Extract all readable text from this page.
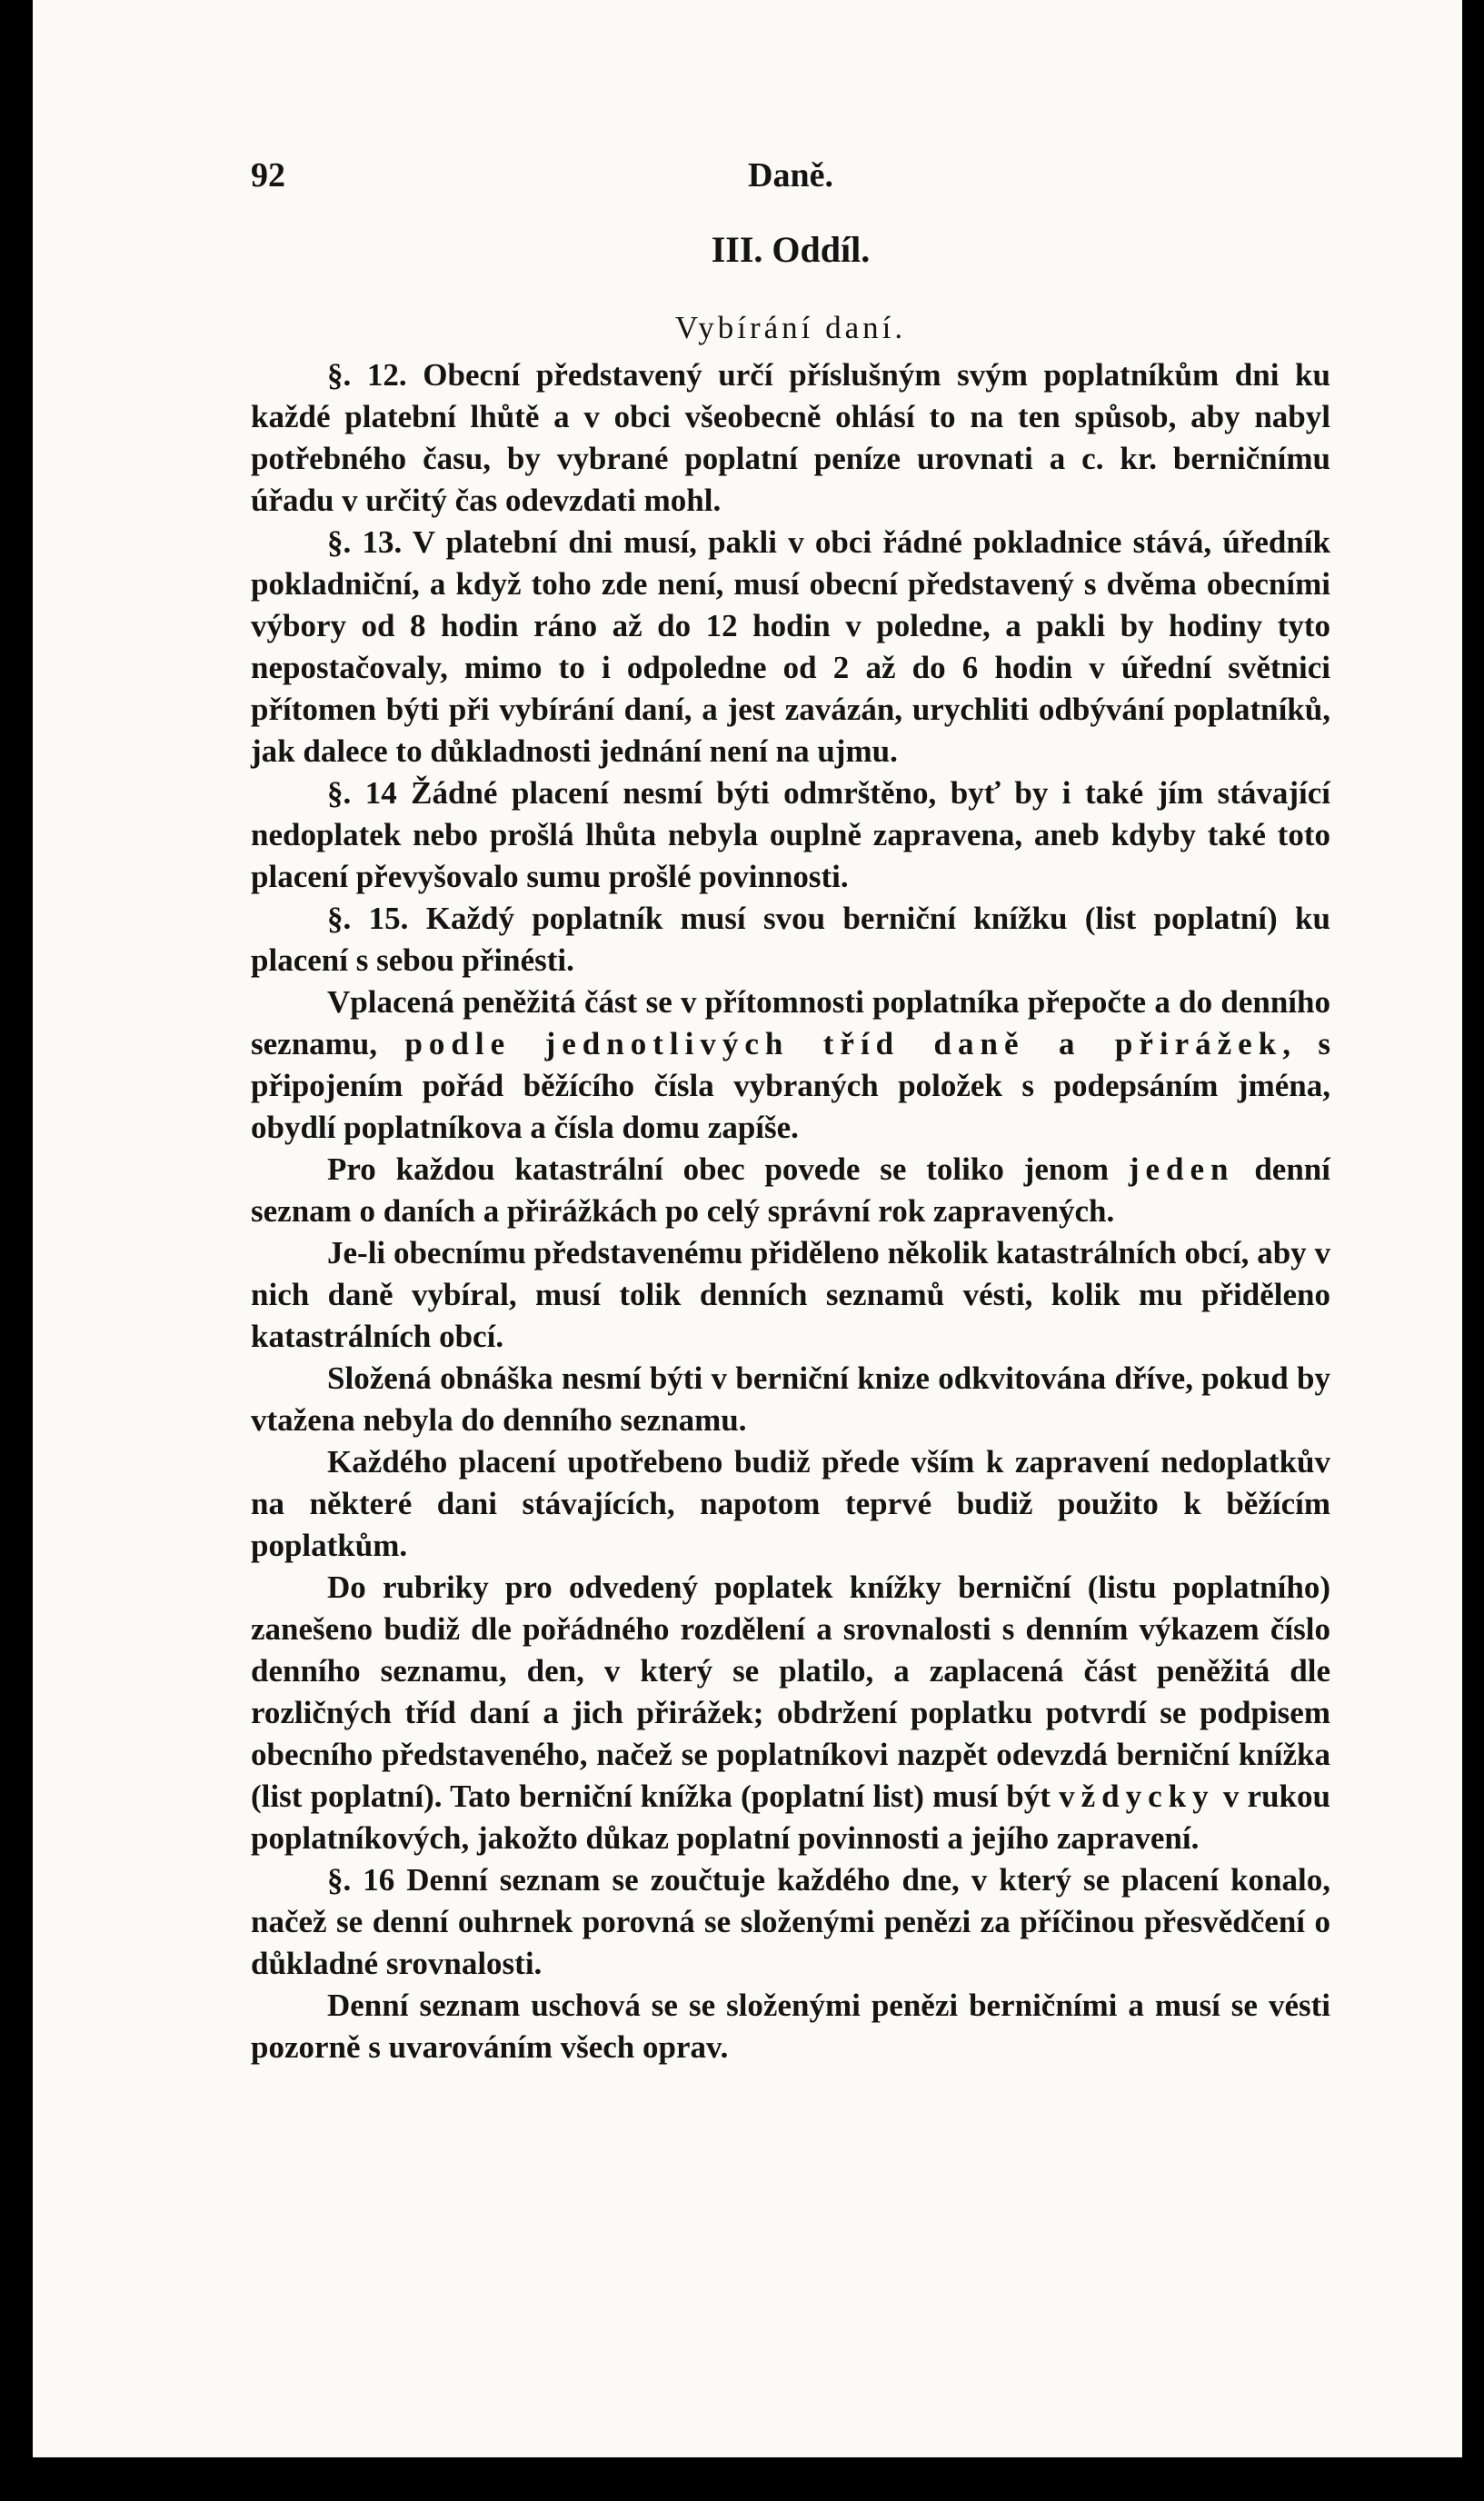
92	Daně.
III. Oddíl.
Vybírání daní.

§. 12. Obecní představený určí příslušným svým poplatníkům dni ku každé platební lhůtě a v obci všeobecně ohlásí to na ten spůsob, aby nabyl potřebného času, by vybrané poplatní peníze urovnati a c. kr. berničnímu úřadu v určitý čas odevzdati mohl.

§. 13. V platební dni musí, pakli v obci řádné pokladnice stává, úředník pokladniční, a když toho zde není, musí obecní představený s dvěma obecními výbory od 8 hodin ráno až do 12 hodin v poledne, a pakli by hodiny tyto nepostačovaly, mimo to i odpoledne od 2 až do 6 hodin v úřední světnici přítomen býti při vybírání daní, a jest zavázán, urychliti odbývání poplatníků, jak dalece to důkladnosti jednání není na ujmu.

§. 14 Žádné placení nesmí býti odmrštěno, byť by i také jím stávající nedoplatek nebo prošlá lhůta nebyla ouplně zapravena, aneb kdyby také toto placení převyšovalo sumu prošlé povinnosti.

§. 15. Každý poplatník musí svou berniční knížku (list poplatní) ku placení s sebou přinésti.

Vplacená peněžitá část se v přítomnosti poplatníka přepočte a do denního seznamu, podle jednotlivých tříd daně a přirážek, s připojením pořád běžícího čísla vybraných položek s podepsáním jména, obydlí poplatníkova a čísla domu zapíše.

Pro každou katastrální obec povede se toliko jenom jeden denní seznam o daních a přirážkách po celý správní rok zapravených.

Je-li obecnímu představenému přiděleno několik katastrálních obcí, aby v nich daně vybíral, musí tolik denních seznamů vésti, kolik mu přiděleno katastrálních obcí.

Složená obnáška nesmí býti v berniční knize odkvitována dříve, pokud by vtažena nebyla do denního seznamu.

Každého placení upotřebeno budiž přede vším k zapravení nedoplatkův na některé dani stávajících, napotom teprvé budiž použito k běžícím poplatkům.

Do rubriky pro odvedený poplatek knížky berniční (listu poplatního) zanešeno budiž dle pořádného rozdělení a srovnalosti s denním výkazem číslo denního seznamu, den, v který se platilo, a zaplacená část peněžitá dle rozličných tříd daní a jich přirážek; obdržení poplatku potvrdí se podpisem obecního představeného, načež se poplatníkovi nazpět odevzdá berniční knížka (list poplatní). Tato berniční knížka (poplatní list) musí být vždycky v rukou poplatníkových, jakožto důkaz poplatní povinnosti a jejího zapravení.

§. 16 Denní seznam se zoučtuje každého dne, v který se placení konalo, načež se denní ouhrnek porovná se složenými penězi za příčinou přesvědčení o důkladné srovnalosti.

Denní seznam uschová se se složenými penězi berničními a musí se vésti pozorně s uvarováním všech oprav.
